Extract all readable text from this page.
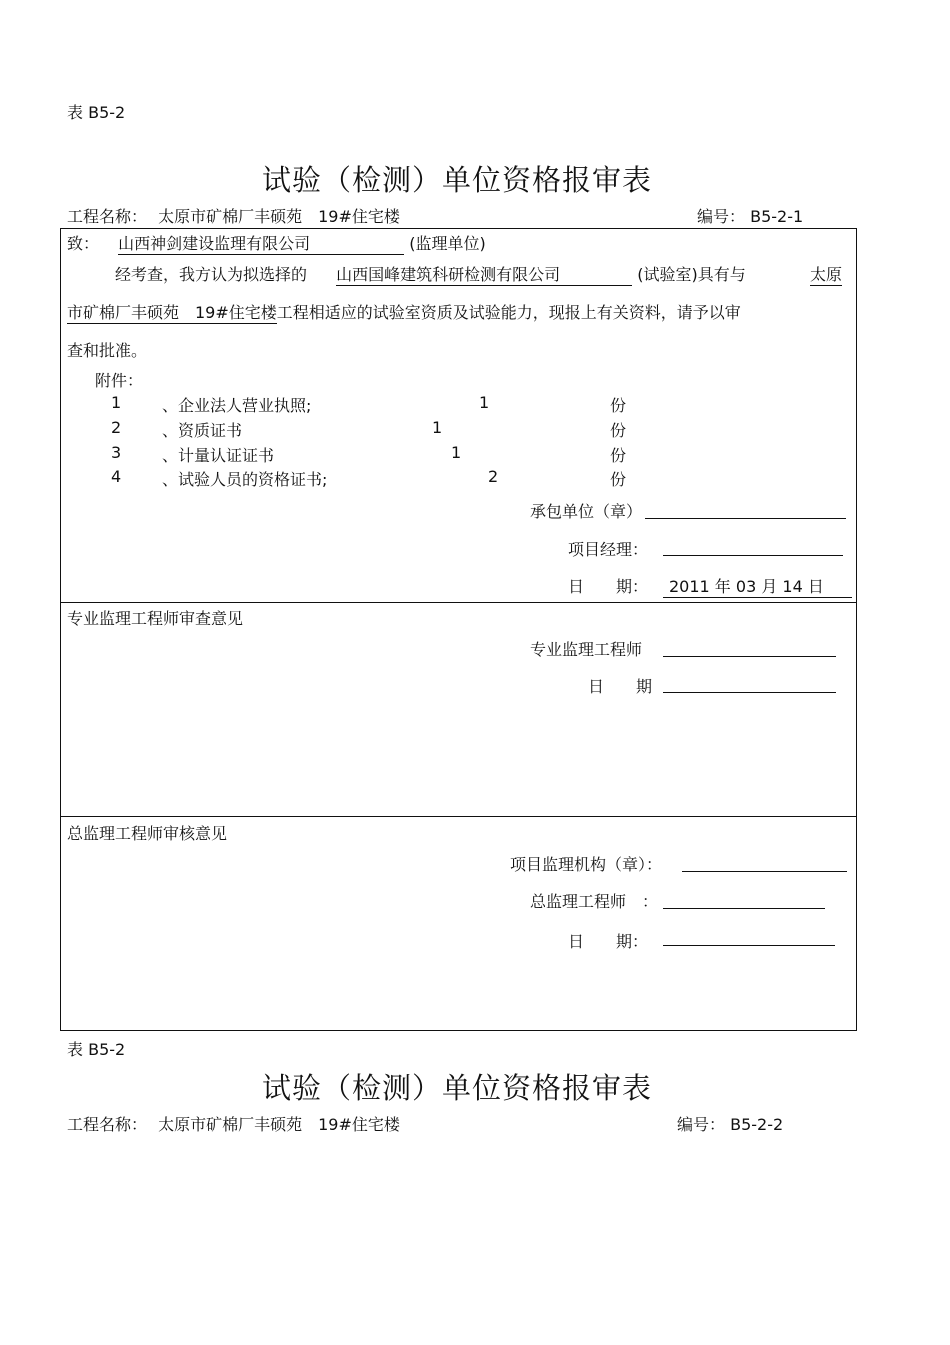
表 B5-2
试验（检测）单位资格报审表
工程名称： 太原市矿棉厂丰硕苑　19#住宅楼	编号： B5-2-1
致： 山西神剑建设监理有限公司	(监理单位)
经考查，我方认为拟选择的 山西国峰建筑科研检测有限公司	(试验室)具有与	太原
市矿棉厂丰硕苑　19#住宅楼工程相适应的试验室资质及试验能力，现报上有关资料，请予以审
查和批准。
附件：
1	、企业法人营业执照;	1	份
2	、资质证书	1	份
3	、计量认证证书	1	份
4	、试验人员的资格证书;	2	份
承包单位（章）
项目经理：
日　　期：	2011 年 03 月 14 日
专业监理工程师审查意见
专业监理工程师
日　　期
总监理工程师审核意见
项目监理机构（章）：
总监理工程师　：
日　　期：
表 B5-2
试验（检测）单位资格报审表
工程名称： 太原市矿棉厂丰硕苑　19#住宅楼	编号： B5-2-2
